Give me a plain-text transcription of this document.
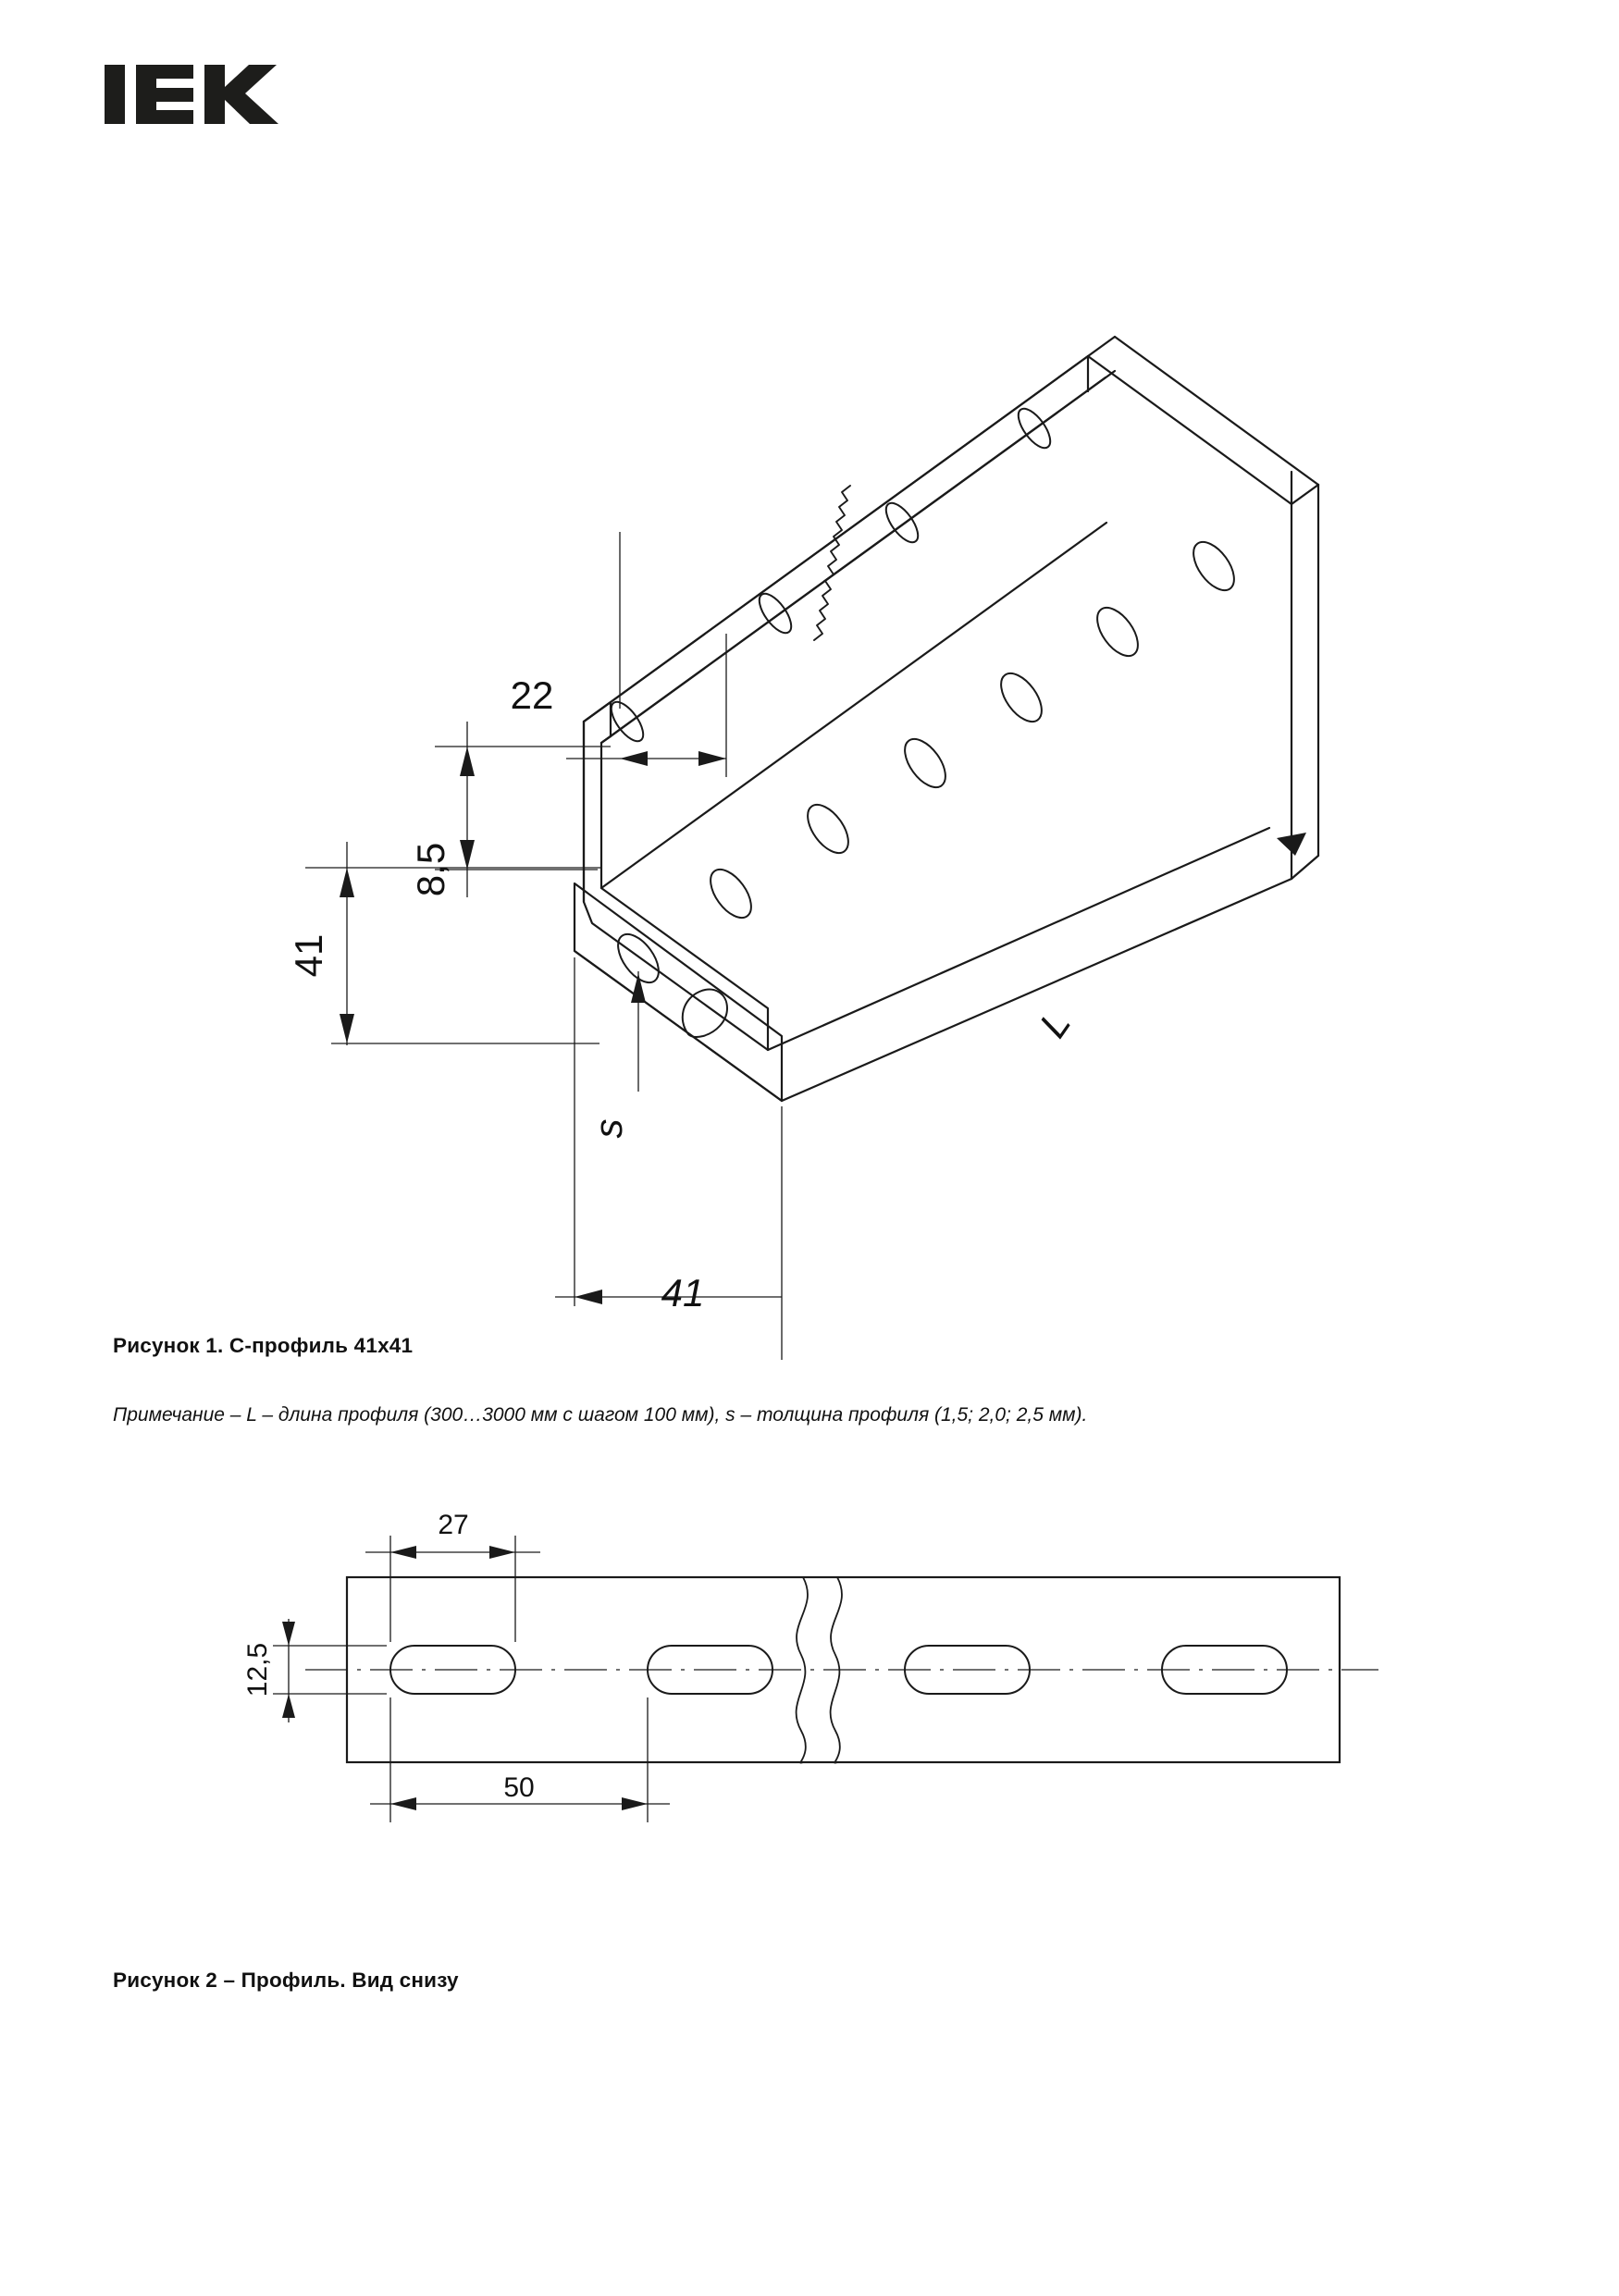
22
41
8,5
s
41
L
Рисунок 1. С-профиль 41х41
Примечание – L – длина профиля (300…3000 мм с шагом 100 мм), s – толщина профиля (1,5; 2,0; 2,5 мм).
27
12,5
50
Рисунок 2 – Профиль. Вид снизу
